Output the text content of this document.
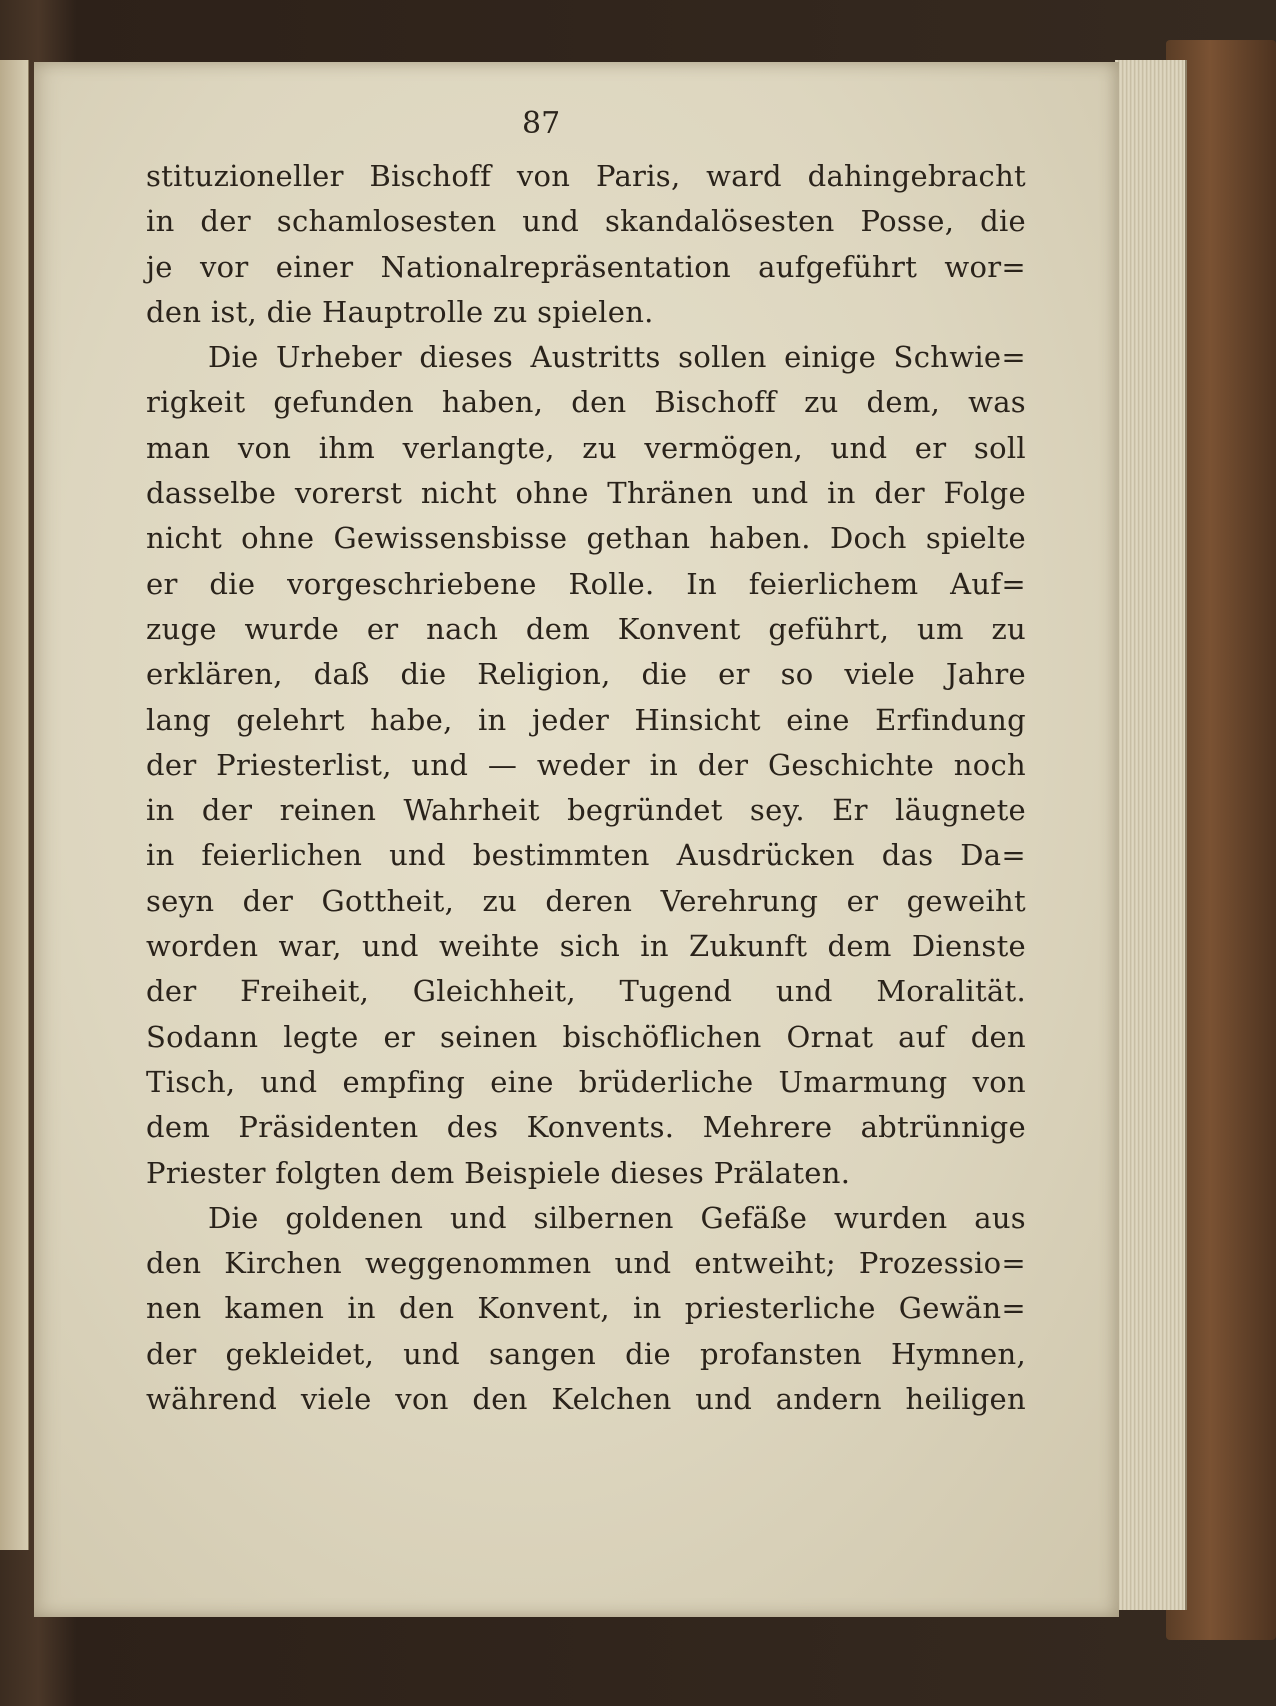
87
stituzioneller Bischoff von Paris, ward dahingebracht
in der schamlosesten und skandalösesten Posse, die
je vor einer Nationalrepräsentation aufgeführt wor=
den ist, die Hauptrolle zu spielen.
Die Urheber dieses Austritts sollen einige Schwie=
rigkeit gefunden haben, den Bischoff zu dem, was
man von ihm verlangte, zu vermögen, und er soll
dasselbe vorerst nicht ohne Thränen und in der Folge
nicht ohne Gewissensbisse gethan haben. Doch spielte
er die vorgeschriebene Rolle. In feierlichem Auf=
zuge wurde er nach dem Konvent geführt, um zu
erklären, daß die Religion, die er so viele Jahre
lang gelehrt habe, in jeder Hinsicht eine Erfindung
der Priesterlist, und — weder in der Geschichte noch
in der reinen Wahrheit begründet sey. Er läugnete
in feierlichen und bestimmten Ausdrücken das Da=
seyn der Gottheit, zu deren Verehrung er geweiht
worden war, und weihte sich in Zukunft dem Dienste
der Freiheit, Gleichheit, Tugend und Moralität.
Sodann legte er seinen bischöflichen Ornat auf den
Tisch, und empfing eine brüderliche Umarmung von
dem Präsidenten des Konvents. Mehrere abtrünnige
Priester folgten dem Beispiele dieses Prälaten.
Die goldenen und silbernen Gefäße wurden aus
den Kirchen weggenommen und entweiht; Prozessio=
nen kamen in den Konvent, in priesterliche Gewän=
der gekleidet, und sangen die profansten Hymnen,
während viele von den Kelchen und andern heiligen
